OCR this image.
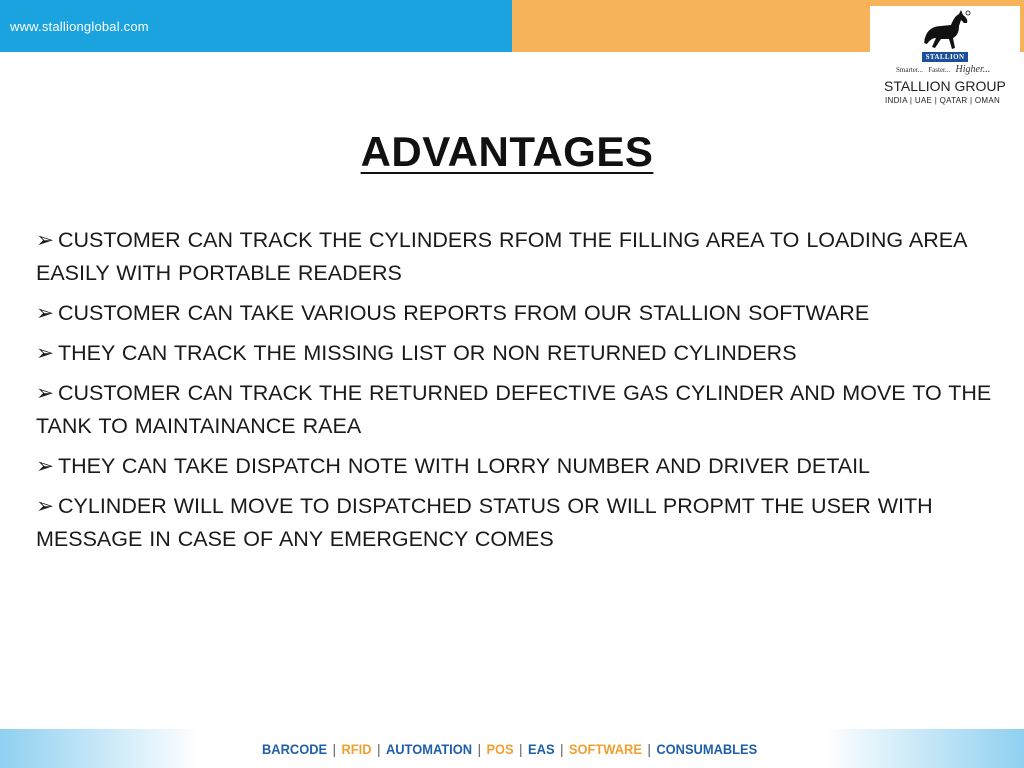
www.stallionglobal.com
STALLION
Smarter... Faster... Higher...
STALLION GROUP
INDIA | UAE | QATAR | OMAN
ADVANTAGES
➢ CUSTOMER CAN TRACK THE CYLINDERS RFOM THE FILLING AREA TO LOADING AREA EASILY WITH PORTABLE READERS
➢ CUSTOMER CAN TAKE VARIOUS REPORTS FROM OUR STALLION SOFTWARE
➢ THEY CAN TRACK THE MISSING LIST OR NON RETURNED CYLINDERS
➢ CUSTOMER CAN TRACK THE RETURNED DEFECTIVE GAS CYLINDER AND MOVE TO THE TANK TO MAINTAINANCE RAEA
➢ THEY CAN TAKE DISPATCH NOTE WITH LORRY NUMBER AND DRIVER DETAIL
➢ CYLINDER WILL MOVE TO DISPATCHED STATUS OR WILL PROPMT THE USER WITH MESSAGE IN CASE OF ANY EMERGENCY COMES
BARCODE | RFID | AUTOMATION | POS | EAS | SOFTWARE | CONSUMABLES
